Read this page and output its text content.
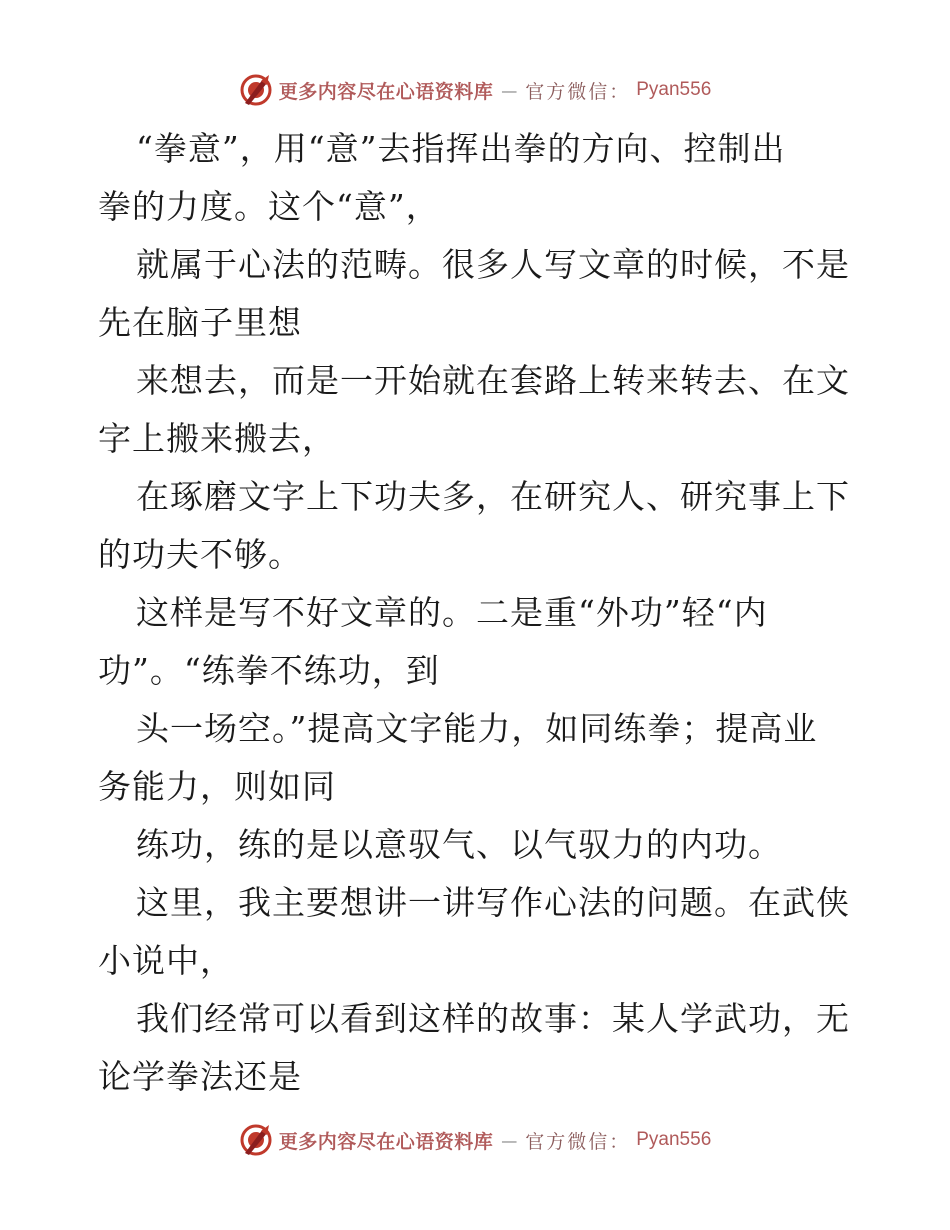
更多内容尽在心语资料库 — 官方微信： Pyan556
“拳意”，用“意”去指挥出拳的方向、控制出
拳的力度。这个“意”，
就属于心法的范畴。很多人写文章的时候，不是
先在脑子里想
来想去，而是一开始就在套路上转来转去、在文
字上搬来搬去，
在琢磨文字上下功夫多，在研究人、研究事上下
的功夫不够。
这样是写不好文章的。二是重“外功”轻“内
功”。“练拳不练功，到
头一场空。”提高文字能力，如同练拳；提高业
务能力，则如同
练功，练的是以意驭气、以气驭力的内功。
这里，我主要想讲一讲写作心法的问题。在武侠
小说中，
我们经常可以看到这样的故事：某人学武功，无
论学拳法还是
更多内容尽在心语资料库 — 官方微信： Pyan556
